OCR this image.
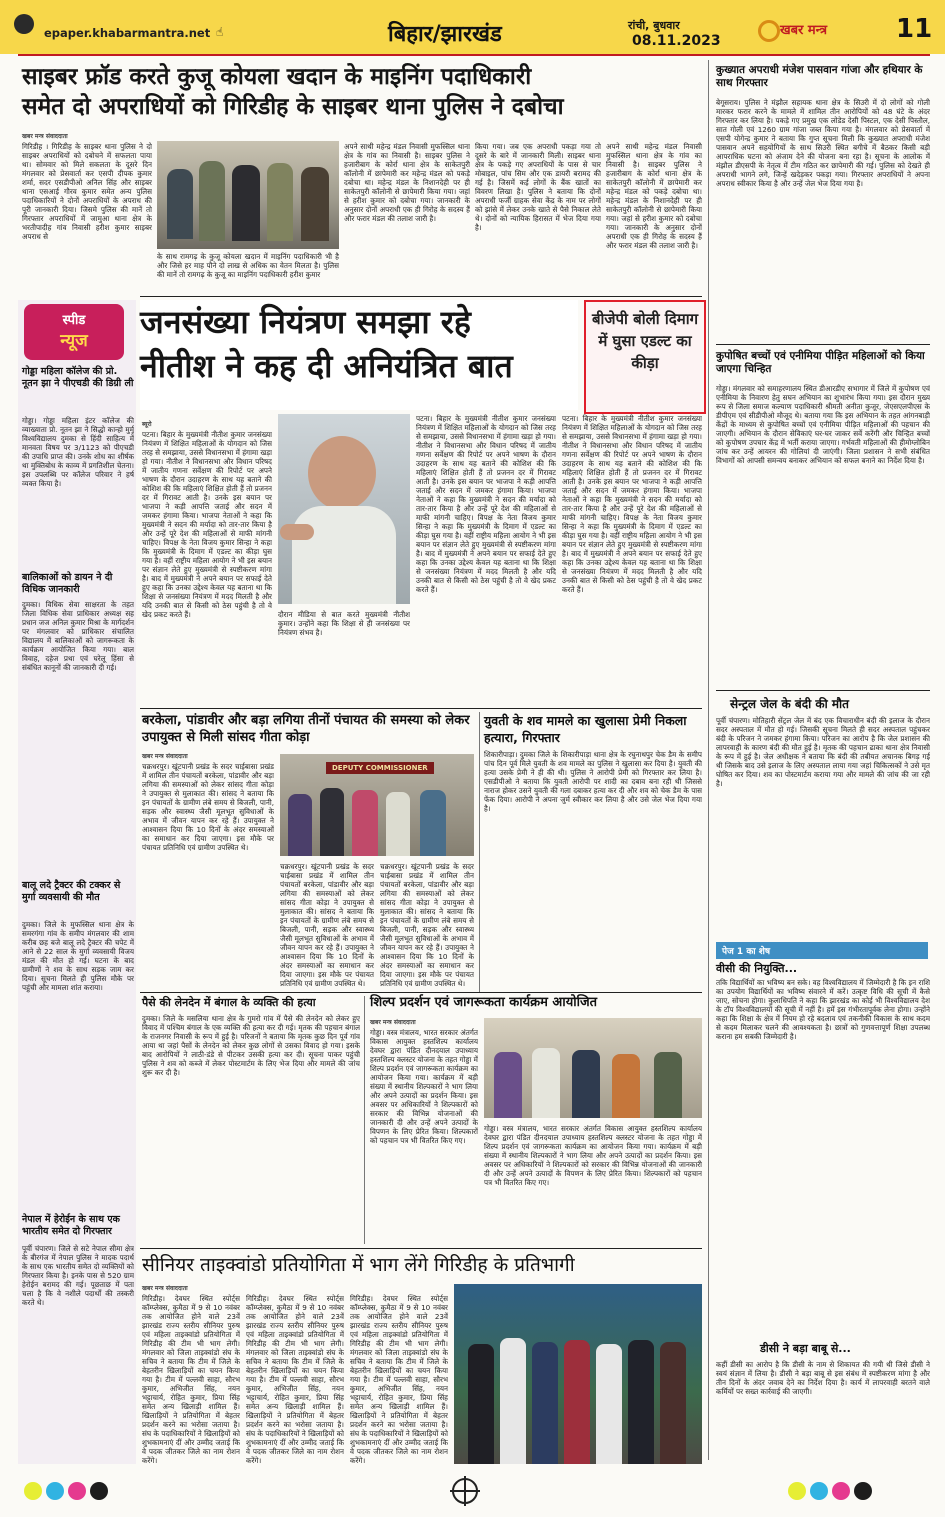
epaper.khabarmantra.net ☝	बिहार/झारखंड	रांची, बुधवार
08.11.2023
खबर मन्त्र	11
साइबर फ्रॉड करते कुजू कोयला खदान के माइनिंग पदाधिकारी
समेत दो अपराधियों को गिरिडीह के साइबर थाना पुलिस ने दबोचा
खबर मन्त्र संवाददाता
गिरिडीह । गिरिडीह के साइबर थाना पुलिस ने दो साइबर अपराधियों को दबोचने में सफलता पाया था। सोमवार को मिले सकलता के दूसरे दिन मंगलवार को प्रेसवार्ता कर एसपी दीपक कुमार शर्मा, सदर एसडीपीओ अनिल सिंह और साइबर थाना एसआई गौरव कुमार समेत अन्य पुलिस पदाधिकारियों ने दोनों अपराधियों के अपराध की पूरी जानकारी दिया। जिसमे पुलिस की मानें तो गिरफ्तार अपराधियों में जामुआ थाना क्षेत्र के भरतीपादीह गांव निवासी हरीश कुमार साइबर अपराध से
के साथ रामगढ़ के कुजू कोयला खदान में माइनिंग पदाधिकारी भी है और जिसे हर माह पौने दो लाख से अधिक का वेतन मिलता है। पुलिस की मानें तो रामगढ़ के कुजू का माइनिंग पदाधिकारी हरीश कुमार
अपने साथी महेन्द्र मंडल निवासी मुफस्सिल थाना क्षेत्र के गांव का निवासी है। साइबर पुलिस ने हजारीबाग के कोर्रा थाना क्षेत्र के साकेतपुरी कॉलोनी में छापेमारी कर महेन्द्र मंडल को पकड़े दबोचा था। महेन्द्र मंडल के निशानदेही पर ही साकेतपुरी कॉलोनी से छापेमारी किया गया। जहां से हरीश कुमार को दबोचा गया। जानकारी के अनुसार दोनों अपराधी एक ही गिरोह के सदस्य हैं और फरार मंडल की तलाश जारी है।
किया गया। जब एक अपराधी पकड़ा गया तो दूसरे के बारे में जानकारी मिली। साइबर थाना क्षेत्र के पकड़े गए अपराधियों के पास से चार मोबाइल, पांच सिम और एक डायरी बरामद की गई है। जिसमें कई लोगों के बैंक खातों का विवरण लिखा है। पुलिस ने बताया कि दोनों अपराधी फर्जी ग्राहक सेवा केंद्र के नाम पर लोगों को झांसे में लेकर उनके खाते से पैसे निकाल लेते थे। दोनों को न्यायिक हिरासत में भेज दिया गया है।
अपने साथी महेन्द्र मंडल निवासी मुफस्सिल थाना क्षेत्र के गांव का निवासी है। साइबर पुलिस ने हजारीबाग के कोर्रा थाना क्षेत्र के साकेतपुरी कॉलोनी में छापेमारी कर महेन्द्र मंडल को पकड़े दबोचा था। महेन्द्र मंडल के निशानदेही पर ही साकेतपुरी कॉलोनी से छापेमारी किया गया। जहां से हरीश कुमार को दबोचा गया। जानकारी के अनुसार दोनों अपराधी एक ही गिरोह के सदस्य हैं और फरार मंडल की तलाश जारी है।
कुख्यात अपराधी मंजेश पासवान गांजा और हथियार के साथ गिरफ्तार
बेगूसराय। पुलिस ने मंझौल सहायक थाना क्षेत्र के सिउरी में दो लोगों को गोली मारकर फरार करने के मामले में शामिल तीन आरोपियों को 48 घंटे के अंदर गिरफ्तार कर लिया है। पकड़े गए प्रमुख एक लोडेड देसी पिस्टल, एक देसी पिस्तौल, सात गोली एवं 1260 ग्राम गांजा जब्त किया गया है। मंगलवार को प्रेसवार्ता में एसपी योगेन्द्र कुमार ने बताया कि गुप्त सूचना मिली कि कुख्यात अपराधी मंजेश पासवान अपने सहयोगियों के साथ सिउरी स्थित बगीचे में बैठकर किसी बड़ी आपराधिक घटना को अंजाम देने की योजना बना रहा है। सूचना के आलोक में मंझौल डीएसपी के नेतृत्व में टीम गठित कर छापेमारी की गई। पुलिस को देखते ही अपराधी भागने लगे, जिन्हें खदेड़कर पकड़ा गया। गिरफ्तार अपराधियों ने अपना अपराध स्वीकार किया है और उन्हें जेल भेज दिया गया है।
कुपोषित बच्चों एवं एनीमिया पीड़ित महिलाओं को किया जाएगा चिन्हित
गोड्डा। मंगलवार को समाहरणालय स्थित डीआरडीए सभागार में जिले में कुपोषण एवं एनीमिया के निवारण हेतु सघन अभियान का शुभारंभ किया गया। इस दौरान मुख्य रूप से जिला समाज कल्याण पदाधिकारी श्रीमती अनीता कुजूर, जेएसएलपीएस के डीपीएम एवं सीडीपीओ मौजूद थे। बताया गया कि इस अभियान के तहत आंगनबाड़ी केंद्रों के माध्यम से कुपोषित बच्चों एवं एनीमिया पीड़ित महिलाओं की पहचान की जाएगी। अभियान के दौरान सेविकाएं घर-घर जाकर सर्वे करेंगी और चिन्हित बच्चों को कुपोषण उपचार केंद्र में भर्ती कराया जाएगा। गर्भवती महिलाओं की हीमोग्लोबिन जांच कर उन्हें आयरन की गोलियां दी जाएंगी। जिला प्रशासन ने सभी संबंधित विभागों को आपसी समन्वय बनाकर अभियान को सफल बनाने का निर्देश दिया है।
सेन्ट्रल जेल के बंदी की मौत
पूर्वी चंपारण। मोतिहारी सेंट्रल जेल में बंद एक विचाराधीन बंदी की इलाज के दौरान सदर अस्पताल में मौत हो गई। जिसकी सूचना मिलते ही सदर अस्पताल पहुंचकर बंदी के परिजन ने जमकर हंगामा किया। परिजन का आरोप है कि जेल प्रशासन की लापरवाही के कारण बंदी की मौत हुई है। मृतक की पहचान ढाका थाना क्षेत्र निवासी के रूप में हुई है। जेल अधीक्षक ने बताया कि बंदी की तबीयत अचानक बिगड़ गई थी जिसके बाद उसे इलाज के लिए अस्पताल लाया गया जहां चिकित्सकों ने उसे मृत घोषित कर दिया। शव का पोस्टमार्टम कराया गया और मामले की जांच की जा रही है।
पेज 1 का शेष
वीसी की नियुक्ति...
तकि विद्यार्थियों का भविष्य बन सके। वह विश्वविद्यालय में जिम्मेदारी है कि इन राशि का उपयोग विद्यार्थियों का भविष्य संवारने में करें। उत्कृष्ट विधि की सूची में कैसे जाए, सोचना होगा। कुलाधिपति ने कहा कि झारखंड का कोई भी विश्वविद्यालय देश के टॉप विश्वविद्यालयों की सूची में नहीं है। हमें इस गंभीरतापूर्वक लेना होगा। उन्होंने कहा कि शिक्षा के क्षेत्र में नियम हो रहे बदलाव एवं तकनीकी विकास के साथ कदम से कदम मिलाकर चलने की आवश्यकता है। छात्रों को गुणवत्तापूर्ण शिक्षा उपलब्ध कराना हम सबकी जिम्मेदारी है।
डीसी ने बड़ा बाबू से...
कहीं डीसी का आरोप है कि डीसी के नाम से शिकायत की गयी थी जिसे डीसी ने स्वयं संज्ञान में लिया है। डीसी ने बड़ा बाबू से इस संबंध में स्पष्टीकरण मांगा है और तीन दिनों के अंदर जवाब देने का निर्देश दिया है। कार्य में लापरवाही बरतने वाले कर्मियों पर सख्त कार्रवाई की जाएगी।
स्पीड
न्यूज
गोड्डा महिला कॉलेज की प्रो. नूतन झा ने पीएचडी की डिग्री ली
गोड्डा। गोड्डा महिला इंटर कॉलेज की व्याख्याता प्रो. नूतन झा ने सिद्धो कान्हो मुर्मू विश्वविद्यालय दुमका से हिंदी साहित्य में मानवता विषय पर 3/1123 को पीएचडी की उपाधि प्राप्त की। उनके शोध का शीर्षक था मुक्तिबोध के काव्य में प्रगतिशील चेतना। इस उपलब्धि पर कॉलेज परिवार ने हर्ष व्यक्त किया है।
बालिकाओं को डायन ने दी विधिक जानकारी
दुमका। विधिक सेवा साक्षरता के तहत जिला विधिक सेवा प्राधिकार अध्यक्ष सह प्रधान जज अनिल कुमार मिश्रा के मार्गदर्शन पर मंगलवार को प्राधिकार संचालित विद्यालय में बालिकाओं को जागरूकता के कार्यक्रम आयोजित किया गया। बाल विवाह, दहेज प्रथा एवं घरेलू हिंसा से संबंधित कानूनों की जानकारी दी गई।
बालू लदे ट्रैक्टर की टक्कर से मुर्गा व्यवसायी की मौत
दुमका। जिले के मुफस्सिल थाना क्षेत्र के समरगंगा गांव के समीप मंगलवार की शाम करीब छह बजे बालू लदे ट्रैक्टर की चपेट में आने से 22 साल के मुर्गा व्यवसायी विजय मंडल की मौत हो गई। घटना के बाद ग्रामीणों ने शव के साथ सड़क जाम कर दिया। सूचना मिलते ही पुलिस मौके पर पहुंची और मामला शांत कराया।
नेपाल में हेरोईन के साथ एक भारतीय समेत दो गिरफ्तार
पूर्वी चंपारण। जिले से सटे नेपाल सीमा क्षेत्र के बीरगंज में नेपाल पुलिस ने मादक पदार्थ के साथ एक भारतीय समेत दो व्यक्तियों को गिरफ्तार किया है। इनके पास से 520 ग्राम हेरोईन बरामद की गई। पूछताछ में पता चला है कि वे नशीले पदार्थों की तस्करी करते थे।
जनसंख्या नियंत्रण समझा रहे
नीतीश ने कह दी अनियंत्रित बात
बीजेपी बोली दिमाग में घुसा एडल्ट का कीड़ा
ब्यूरो
पटना। बिहार के मुख्यमंत्री नीतीश कुमार जनसंख्या नियंत्रण में शिक्षित महिलाओं के योगदान को जिस तरह से समझाया, उससे विधानसभा में हंगामा खड़ा हो गया। नीतीश ने विधानसभा और विधान परिषद में जातीय गणना सर्वेक्षण की रिपोर्ट पर अपने भाषण के दौरान उदाहरण के साथ यह बताने की कोशिश की कि महिलाएं शिक्षित होती हैं तो प्रजनन दर में गिरावट आती है। उनके इस बयान पर भाजपा ने कड़ी आपत्ति जताई और सदन में जमकर हंगामा किया। भाजपा नेताओं ने कहा कि मुख्यमंत्री ने सदन की मर्यादा को तार-तार किया है और उन्हें पूरे देश की महिलाओं से माफी मांगनी चाहिए। विपक्ष के नेता विजय कुमार सिन्हा ने कहा कि मुख्यमंत्री के दिमाग में एडल्ट का कीड़ा घुस गया है। वहीं राष्ट्रीय महिला आयोग ने भी इस बयान पर संज्ञान लेते हुए मुख्यमंत्री से स्पष्टीकरण मांगा है। बाद में मुख्यमंत्री ने अपने बयान पर सफाई देते हुए कहा कि उनका उद्देश्य केवल यह बताना था कि शिक्षा से जनसंख्या नियंत्रण में मदद मिलती है और यदि उनकी बात से किसी को ठेस पहुंची है तो वे खेद प्रकट करते हैं।	दौरान मीडिया से बात करते मुख्यमंत्री नीतीश कुमार। उन्होंने कहा कि शिक्षा से ही जनसंख्या पर नियंत्रण संभव है।
पटना। बिहार के मुख्यमंत्री नीतीश कुमार जनसंख्या नियंत्रण में शिक्षित महिलाओं के योगदान को जिस तरह से समझाया, उससे विधानसभा में हंगामा खड़ा हो गया। नीतीश ने विधानसभा और विधान परिषद में जातीय गणना सर्वेक्षण की रिपोर्ट पर अपने भाषण के दौरान उदाहरण के साथ यह बताने की कोशिश की कि महिलाएं शिक्षित होती हैं तो प्रजनन दर में गिरावट आती है। उनके इस बयान पर भाजपा ने कड़ी आपत्ति जताई और सदन में जमकर हंगामा किया। भाजपा नेताओं ने कहा कि मुख्यमंत्री ने सदन की मर्यादा को तार-तार किया है और उन्हें पूरे देश की महिलाओं से माफी मांगनी चाहिए। विपक्ष के नेता विजय कुमार सिन्हा ने कहा कि मुख्यमंत्री के दिमाग में एडल्ट का कीड़ा घुस गया है। वहीं राष्ट्रीय महिला आयोग ने भी इस बयान पर संज्ञान लेते हुए मुख्यमंत्री से स्पष्टीकरण मांगा है। बाद में मुख्यमंत्री ने अपने बयान पर सफाई देते हुए कहा कि उनका उद्देश्य केवल यह बताना था कि शिक्षा से जनसंख्या नियंत्रण में मदद मिलती है और यदि उनकी बात से किसी को ठेस पहुंची है तो वे खेद प्रकट करते हैं।
पटना। बिहार के मुख्यमंत्री नीतीश कुमार जनसंख्या नियंत्रण में शिक्षित महिलाओं के योगदान को जिस तरह से समझाया, उससे विधानसभा में हंगामा खड़ा हो गया। नीतीश ने विधानसभा और विधान परिषद में जातीय गणना सर्वेक्षण की रिपोर्ट पर अपने भाषण के दौरान उदाहरण के साथ यह बताने की कोशिश की कि महिलाएं शिक्षित होती हैं तो प्रजनन दर में गिरावट आती है। उनके इस बयान पर भाजपा ने कड़ी आपत्ति जताई और सदन में जमकर हंगामा किया। भाजपा नेताओं ने कहा कि मुख्यमंत्री ने सदन की मर्यादा को तार-तार किया है और उन्हें पूरे देश की महिलाओं से माफी मांगनी चाहिए। विपक्ष के नेता विजय कुमार सिन्हा ने कहा कि मुख्यमंत्री के दिमाग में एडल्ट का कीड़ा घुस गया है। वहीं राष्ट्रीय महिला आयोग ने भी इस बयान पर संज्ञान लेते हुए मुख्यमंत्री से स्पष्टीकरण मांगा है। बाद में मुख्यमंत्री ने अपने बयान पर सफाई देते हुए कहा कि उनका उद्देश्य केवल यह बताना था कि शिक्षा से जनसंख्या नियंत्रण में मदद मिलती है और यदि उनकी बात से किसी को ठेस पहुंची है तो वे खेद प्रकट करते हैं।
बरकेला, पांडावीर और बड़ा लगिया तीनों पंचायत की समस्या को लेकर उपायुक्त से मिली सांसद गीता कोड़ा
खबर मन्त्र संवाददाता
चक्रधरपुर। खूंटपानी प्रखंड के सदर चाईबासा प्रखंड में शामिल तीन पंचायतों बरकेला, पांडावीर और बड़ा लगिया की समस्याओं को लेकर सांसद गीता कोड़ा ने उपायुक्त से मुलाकात की। सांसद ने बताया कि इन पंचायतों के ग्रामीण लंबे समय से बिजली, पानी, सड़क और स्वास्थ्य जैसी मूलभूत सुविधाओं के अभाव में जीवन यापन कर रहे हैं। उपायुक्त ने आश्वासन दिया कि 10 दिनों के अंदर समस्याओं का समाधान कर दिया जाएगा। इस मौके पर पंचायत प्रतिनिधि एवं ग्रामीण उपस्थित थे।
DEPUTY COMMISSIONER
चक्रधरपुर। खूंटपानी प्रखंड के सदर चाईबासा प्रखंड में शामिल तीन पंचायतों बरकेला, पांडावीर और बड़ा लगिया की समस्याओं को लेकर सांसद गीता कोड़ा ने उपायुक्त से मुलाकात की। सांसद ने बताया कि इन पंचायतों के ग्रामीण लंबे समय से बिजली, पानी, सड़क और स्वास्थ्य जैसी मूलभूत सुविधाओं के अभाव में जीवन यापन कर रहे हैं। उपायुक्त ने आश्वासन दिया कि 10 दिनों के अंदर समस्याओं का समाधान कर दिया जाएगा। इस मौके पर पंचायत प्रतिनिधि एवं ग्रामीण उपस्थित थे।
चक्रधरपुर। खूंटपानी प्रखंड के सदर चाईबासा प्रखंड में शामिल तीन पंचायतों बरकेला, पांडावीर और बड़ा लगिया की समस्याओं को लेकर सांसद गीता कोड़ा ने उपायुक्त से मुलाकात की। सांसद ने बताया कि इन पंचायतों के ग्रामीण लंबे समय से बिजली, पानी, सड़क और स्वास्थ्य जैसी मूलभूत सुविधाओं के अभाव में जीवन यापन कर रहे हैं। उपायुक्त ने आश्वासन दिया कि 10 दिनों के अंदर समस्याओं का समाधान कर दिया जाएगा। इस मौके पर पंचायत प्रतिनिधि एवं ग्रामीण उपस्थित थे।
युवती के शव मामले का खुलासा प्रेमी निकला हत्यारा, गिरफ्तार
शिकारीपाड़ा। दुमका जिले के शिकारीपाड़ा थाना क्षेत्र के रघुनाथपुर चेक डैम के समीप पांच दिन पूर्व मिले युवती के शव मामले का पुलिस ने खुलासा कर दिया है। युवती की हत्या उसके प्रेमी ने ही की थी। पुलिस ने आरोपी प्रेमी को गिरफ्तार कर लिया है। एसडीपीओ ने बताया कि युवती आरोपी पर शादी का दबाव बना रही थी जिससे नाराज होकर उसने युवती की गला दबाकर हत्या कर दी और शव को चेक डैम के पास फेंक दिया। आरोपी ने अपना जुर्म स्वीकार कर लिया है और उसे जेल भेज दिया गया है।
पैसे की लेनदेन में बंगाल के व्यक्ति की हत्या
दुमका। जिले के मसलिया थाना क्षेत्र के गुमरो गांव में पैसे की लेनदेन को लेकर हुए विवाद में पश्चिम बंगाल के एक व्यक्ति की हत्या कर दी गई। मृतक की पहचान बंगाल के राजनगर निवासी के रूप में हुई है। परिजनों ने बताया कि मृतक कुछ दिन पूर्व गांव आया था जहां पैसों के लेनदेन को लेकर कुछ लोगों से उसका विवाद हो गया। इसके बाद आरोपियों ने लाठी-डंडे से पीटकर उसकी हत्या कर दी। सूचना पाकर पहुंची पुलिस ने शव को कब्जे में लेकर पोस्टमार्टम के लिए भेज दिया और मामले की जांच शुरू कर दी है।
शिल्प प्रदर्शन एवं जागरूकता कार्यक्रम आयोजित
खबर मन्त्र संवाददाता
गोड्डा। वस्त्र मंत्रालय, भारत सरकार अंतर्गत विकास आयुक्त हस्तशिल्प कार्यालय देवघर द्वारा पंडित दीनदयाल उपाध्याय हस्तशिल्प क्लस्टर योजना के तहत गोड्डा में शिल्प प्रदर्शन एवं जागरूकता कार्यक्रम का आयोजन किया गया। कार्यक्रम में बड़ी संख्या में स्थानीय शिल्पकारों ने भाग लिया और अपने उत्पादों का प्रदर्शन किया। इस अवसर पर अधिकारियों ने शिल्पकारों को सरकार की विभिन्न योजनाओं की जानकारी दी और उन्हें अपने उत्पादों के विपणन के लिए प्रेरित किया। शिल्पकारों को पहचान पत्र भी वितरित किए गए।
गोड्डा। वस्त्र मंत्रालय, भारत सरकार अंतर्गत विकास आयुक्त हस्तशिल्प कार्यालय देवघर द्वारा पंडित दीनदयाल उपाध्याय हस्तशिल्प क्लस्टर योजना के तहत गोड्डा में शिल्प प्रदर्शन एवं जागरूकता कार्यक्रम का आयोजन किया गया। कार्यक्रम में बड़ी संख्या में स्थानीय शिल्पकारों ने भाग लिया और अपने उत्पादों का प्रदर्शन किया। इस अवसर पर अधिकारियों ने शिल्पकारों को सरकार की विभिन्न योजनाओं की जानकारी दी और उन्हें अपने उत्पादों के विपणन के लिए प्रेरित किया। शिल्पकारों को पहचान पत्र भी वितरित किए गए।
सीनियर ताइक्वांडो प्रतियोगिता में भाग लेंगे गिरिडीह के प्रतिभागी
खबर मन्त्र संवाददाता
गिरिडीह। देवघर स्थित स्पोर्ट्स कॉम्प्लेक्स, कुमैठा में 9 से 10 नवंबर तक आयोजित होने वाले 23वें झारखंड राज्य स्तरीय सीनियर पुरुष एवं महिला ताइक्वांडो प्रतियोगिता में गिरिडीह की टीम भी भाग लेगी। मंगलवार को जिला ताइक्वांडो संघ के सचिव ने बताया कि टीम में जिले के बेहतरीन खिलाड़ियों का चयन किया गया है। टीम में पल्लवी साहा, सौरभ कुमार, अभिजीत सिंह, नयन भट्टाचार्य, रोहित कुमार, प्रिया सिंह समेत अन्य खिलाड़ी शामिल हैं। खिलाड़ियों ने प्रतियोगिता में बेहतर प्रदर्शन करने का भरोसा जताया है। संघ के पदाधिकारियों ने खिलाड़ियों को शुभकामनाएं दीं और उम्मीद जताई कि वे पदक जीतकर जिले का नाम रोशन करेंगे।
गिरिडीह। देवघर स्थित स्पोर्ट्स कॉम्प्लेक्स, कुमैठा में 9 से 10 नवंबर तक आयोजित होने वाले 23वें झारखंड राज्य स्तरीय सीनियर पुरुष एवं महिला ताइक्वांडो प्रतियोगिता में गिरिडीह की टीम भी भाग लेगी। मंगलवार को जिला ताइक्वांडो संघ के सचिव ने बताया कि टीम में जिले के बेहतरीन खिलाड़ियों का चयन किया गया है। टीम में पल्लवी साहा, सौरभ कुमार, अभिजीत सिंह, नयन भट्टाचार्य, रोहित कुमार, प्रिया सिंह समेत अन्य खिलाड़ी शामिल हैं। खिलाड़ियों ने प्रतियोगिता में बेहतर प्रदर्शन करने का भरोसा जताया है। संघ के पदाधिकारियों ने खिलाड़ियों को शुभकामनाएं दीं और उम्मीद जताई कि वे पदक जीतकर जिले का नाम रोशन करेंगे।
गिरिडीह। देवघर स्थित स्पोर्ट्स कॉम्प्लेक्स, कुमैठा में 9 से 10 नवंबर तक आयोजित होने वाले 23वें झारखंड राज्य स्तरीय सीनियर पुरुष एवं महिला ताइक्वांडो प्रतियोगिता में गिरिडीह की टीम भी भाग लेगी। मंगलवार को जिला ताइक्वांडो संघ के सचिव ने बताया कि टीम में जिले के बेहतरीन खिलाड़ियों का चयन किया गया है। टीम में पल्लवी साहा, सौरभ कुमार, अभिजीत सिंह, नयन भट्टाचार्य, रोहित कुमार, प्रिया सिंह समेत अन्य खिलाड़ी शामिल हैं। खिलाड़ियों ने प्रतियोगिता में बेहतर प्रदर्शन करने का भरोसा जताया है। संघ के पदाधिकारियों ने खिलाड़ियों को शुभकामनाएं दीं और उम्मीद जताई कि वे पदक जीतकर जिले का नाम रोशन करेंगे।
